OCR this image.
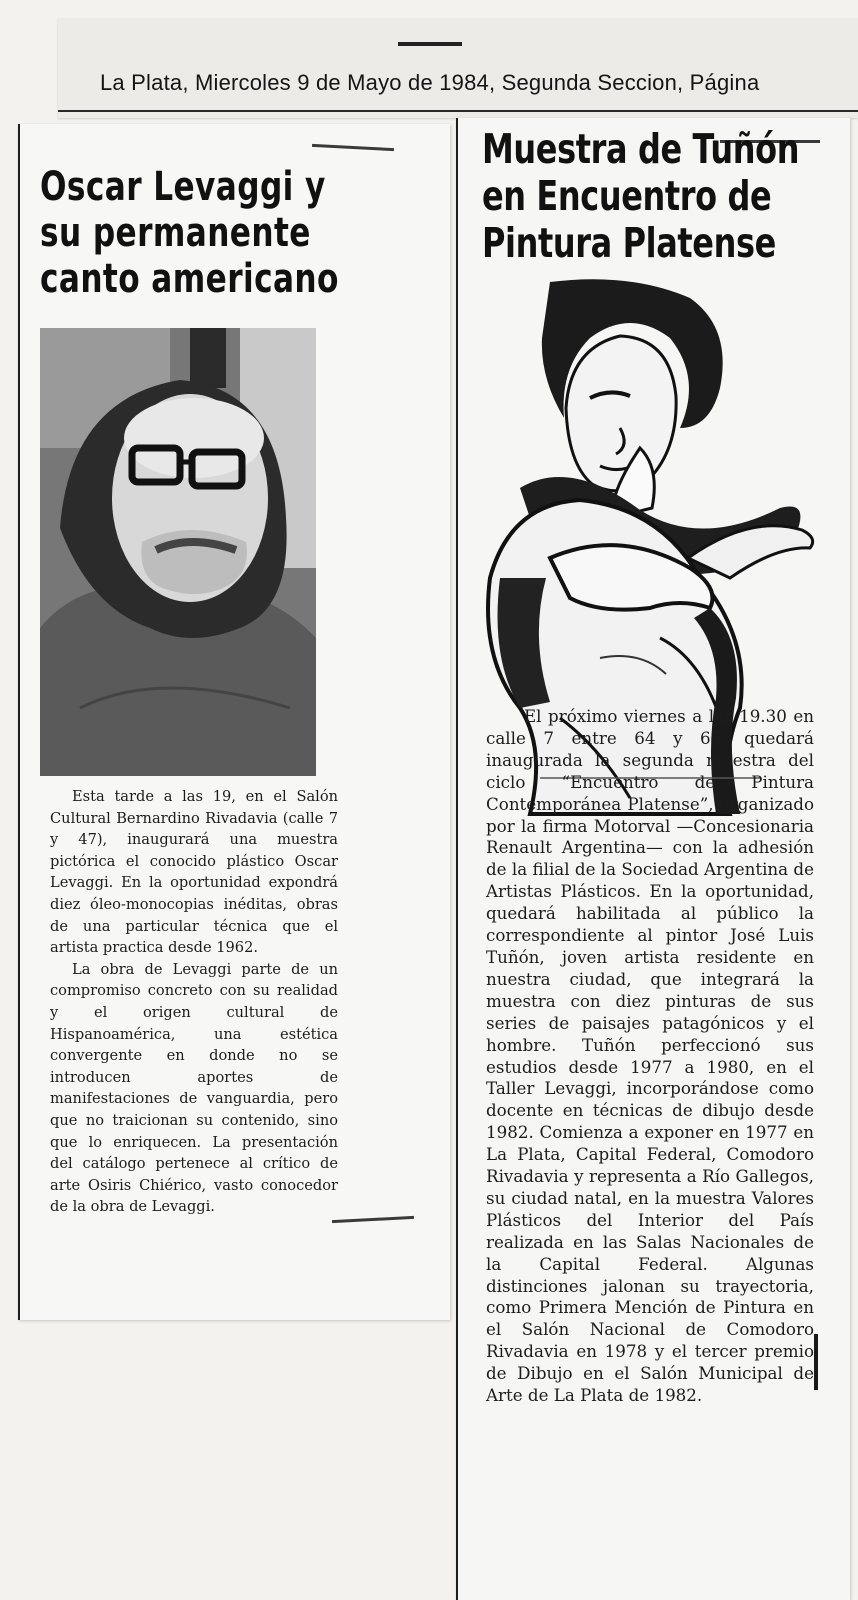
La Plata, Miercoles 9 de Mayo de 1984, Segunda Seccion, Página
Oscar Levaggi y
su permanente
canto americano

Esta tarde a las 19, en el Salón Cultural Bernardino Rivadavia (calle 7 y 47), inaugurará una muestra pictórica el conocido plástico Oscar Levaggi. En la oportunidad expondrá diez óleo-monocopias inéditas, obras de una particular técnica que el artista practica desde 1962.

La obra de Levaggi parte de un compromiso concreto con su realidad y el origen cultural de Hispanoamérica, una estética convergente en donde no se introducen aportes de manifestaciones de vanguardia, pero que no traicionan su contenido, sino que lo enriquecen. La presentación del catálogo pertenece al crítico de arte Osiris Chiérico, vasto conocedor de la obra de Levaggi.

Muestra de Tuñón
en Encuentro de
Pintura Platense

El próximo viernes a las 19.30 en calle 7 entre 64 y 65, quedará inaugurada la segunda muestra del ciclo “Encuentro de Pintura Contemporánea Platense”, organizado por la firma Motorval —Concesionaria Renault Argentina— con la adhesión de la filial de la Sociedad Argentina de Artistas Plásticos. En la oportunidad, quedará habilitada al público la correspondiente al pintor José Luis Tuñón, joven artista residente en nuestra ciudad, que integrará la muestra con diez pinturas de sus series de paisajes patagónicos y el hombre. Tuñón perfeccionó sus estudios desde 1977 a 1980, en el Taller Levaggi, incorporándose como docente en técnicas de dibujo desde 1982. Comienza a exponer en 1977 en La Plata, Capital Federal, Comodoro Rivadavia y representa a Río Gallegos, su ciudad natal, en la muestra Valores Plásticos del Interior del País realizada en las Salas Nacionales de la Capital Federal. Algunas distinciones jalonan su trayectoria, como Primera Mención de Pintura en el Salón Nacional de Comodoro Rivadavia en 1978 y el tercer premio de Dibujo en el Salón Municipal de Arte de La Plata de 1982.
